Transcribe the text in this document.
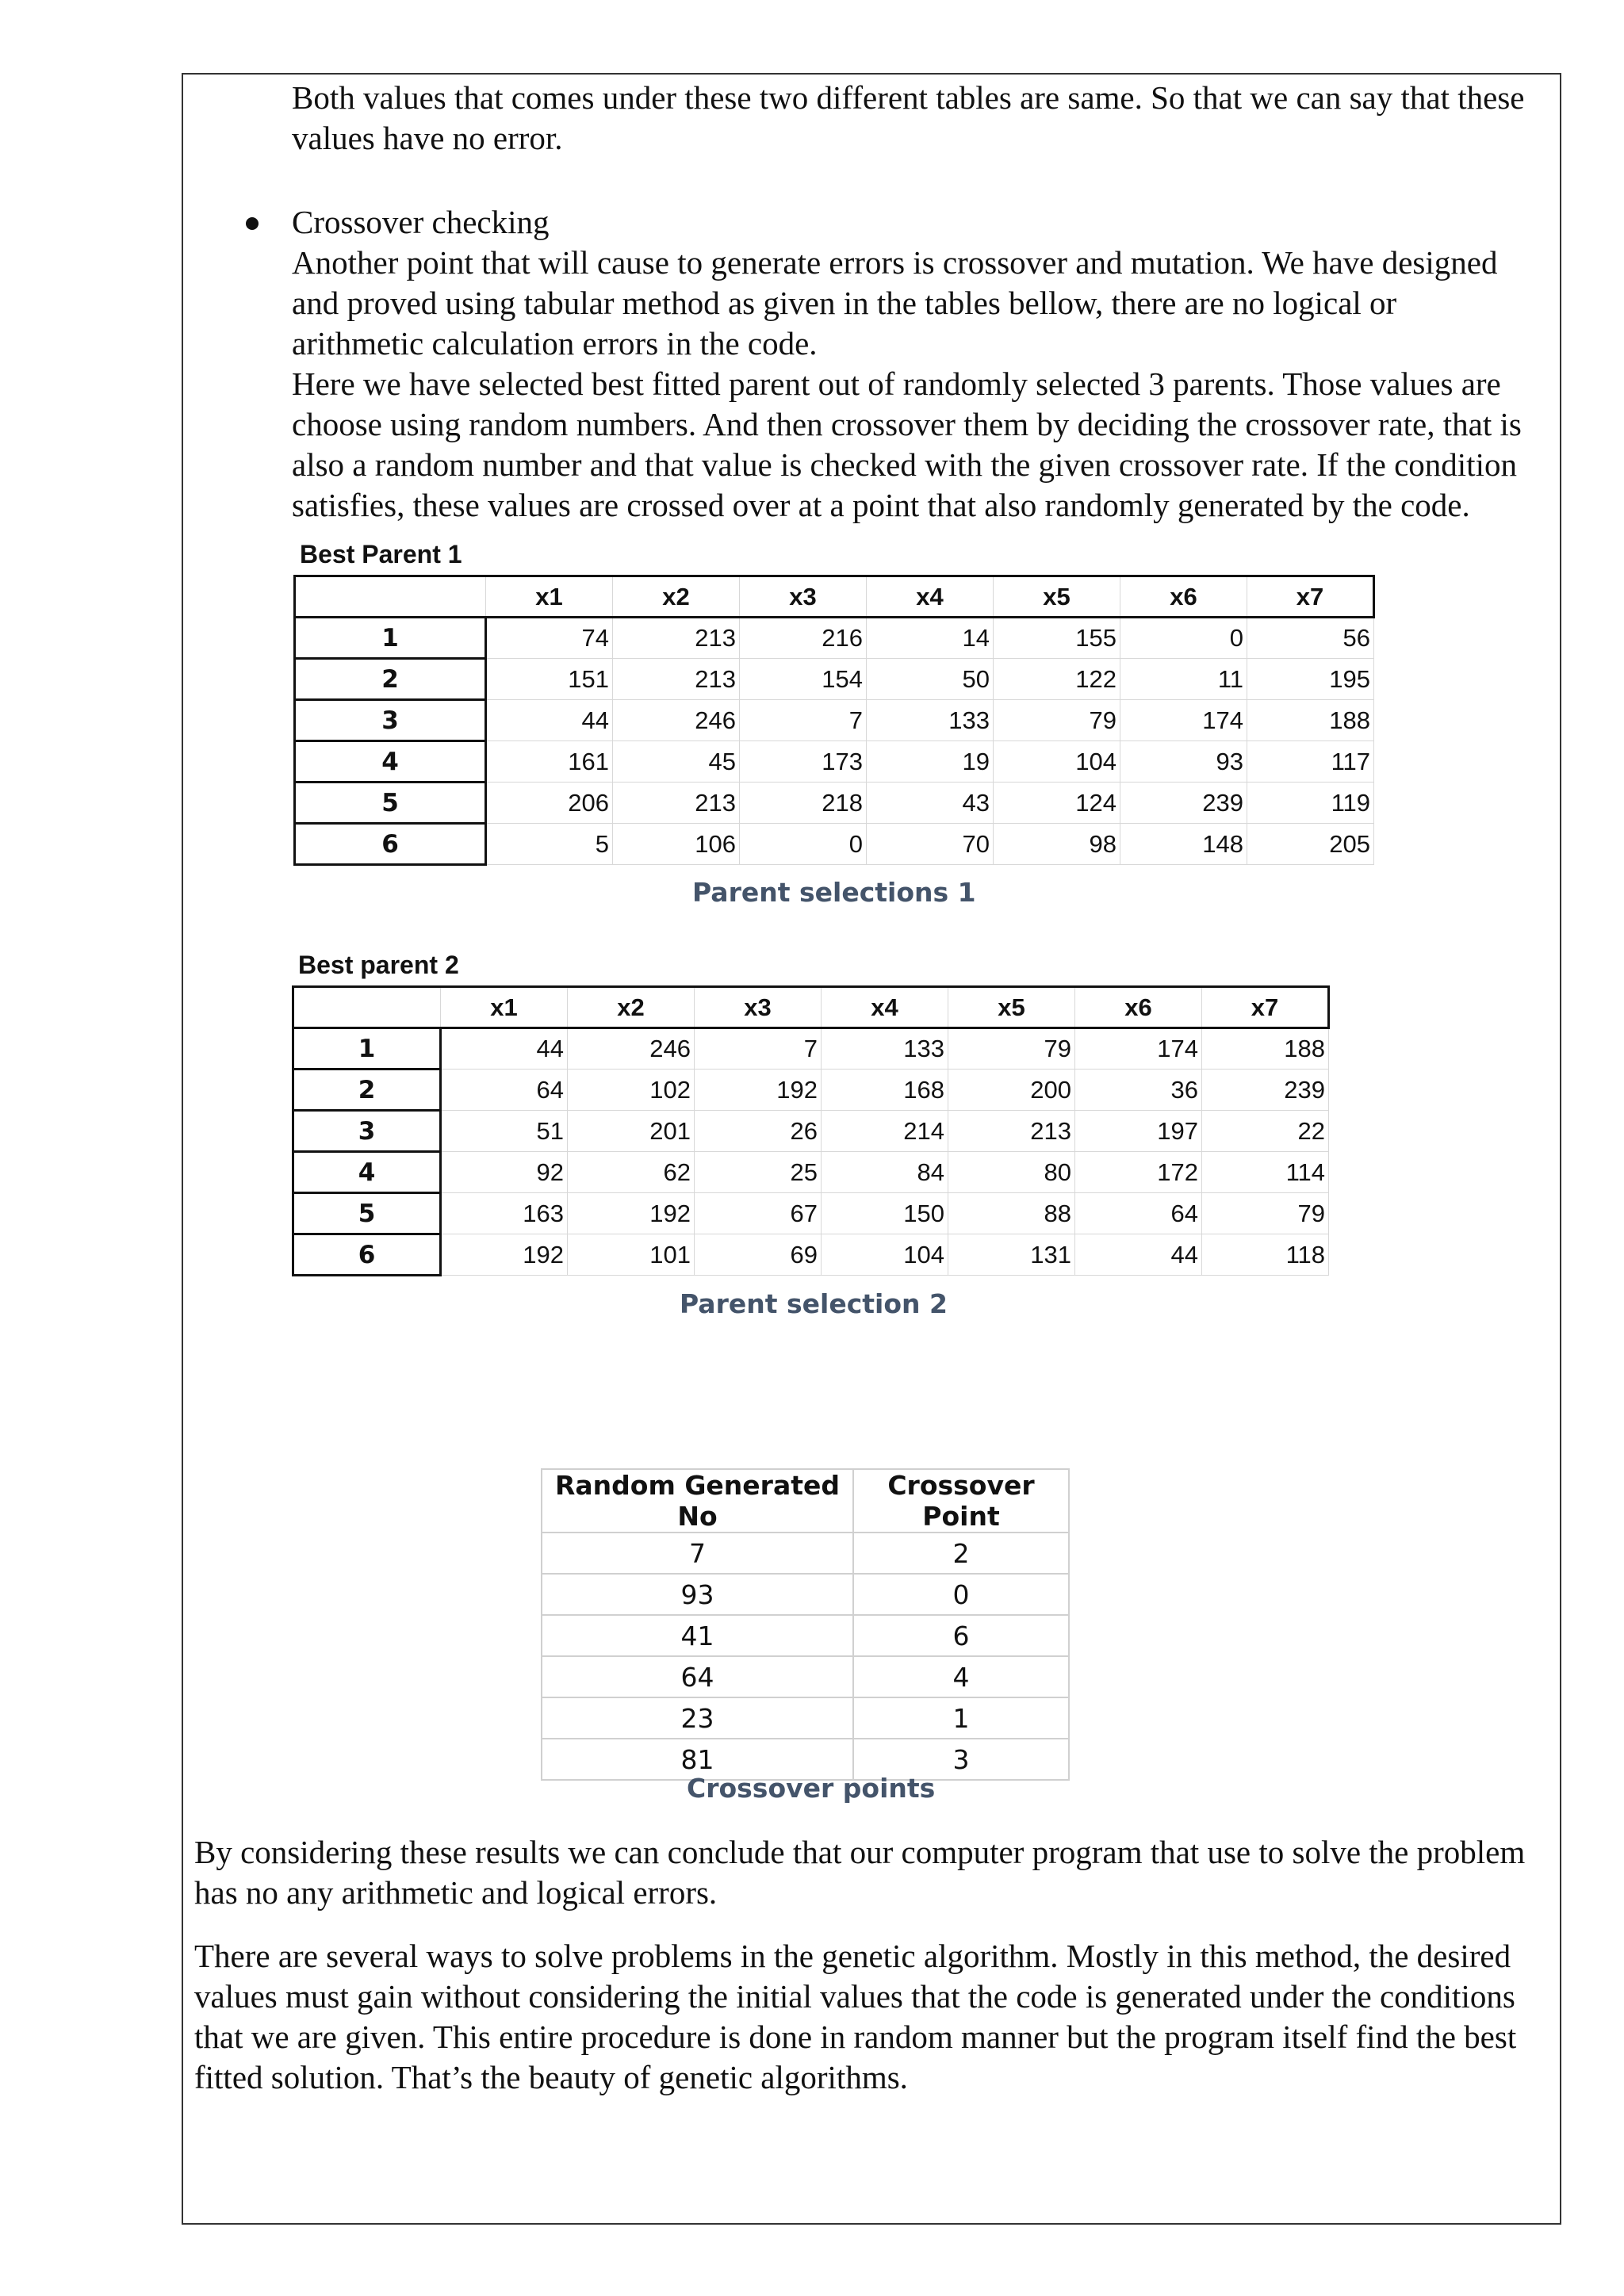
Both values that comes under these two different tables are same. So that we can say that these

values have no error.

Crossover checking

Another point that will cause to generate errors is crossover and mutation. We have designed

and proved using tabular method as given in the tables bellow, there are no logical or

arithmetic calculation errors in the code.

Here we have selected best fitted parent out of randomly selected 3 parents. Those values are

choose using random numbers. And then crossover them by deciding the crossover rate, that is

also a random number and that value is checked with the given crossover rate. If the condition

satisfies, these values are crossed over at a point that also randomly generated by the code.

Best Parent 1
	x1	x2	x3	x4	x5	x6	x7
1	74	213	216	14	155	0	56
2	151	213	154	50	122	11	195
3	44	246	7	133	79	174	188
4	161	45	173	19	104	93	117
5	206	213	218	43	124	239	119
6	5	106	0	70	98	148	205
Parent selections 1
Best parent 2
	x1	x2	x3	x4	x5	x6	x7
1	44	246	7	133	79	174	188
2	64	102	192	168	200	36	239
3	51	201	26	214	213	197	22
4	92	62	25	84	80	172	114
5	163	192	67	150	88	64	79
6	192	101	69	104	131	44	118
Parent selection 2
Random Generated No	Crossover Point
7	2
93	0
41	6
64	4
23	1
81	3
Crossover points

By considering these results we can conclude that our computer program that use to solve the problem

has no any arithmetic and logical errors.

There are several ways to solve problems in the genetic algorithm. Mostly in this method, the desired

values must gain without considering the initial values that the code is generated under the conditions

that we are given. This entire procedure is done in random manner but the program itself find the best

fitted solution. That’s the beauty of genetic algorithms.
